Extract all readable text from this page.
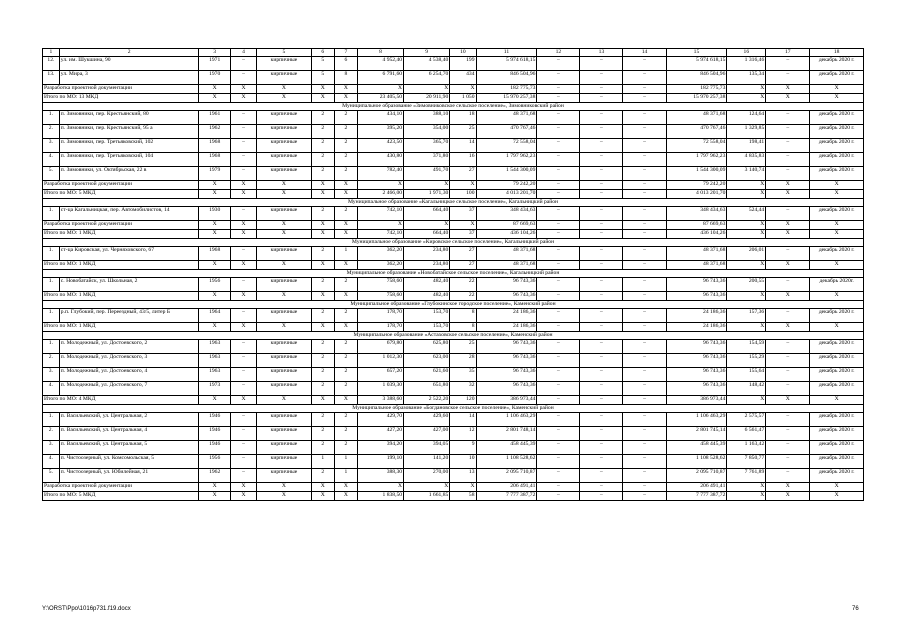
1	2	3	4	5	6	7	8	9	10	11	12	13	14	15	16	17	18
12.	ул. им. Шукшина, 90	1971	–	кирпичные	5	6	4 952,40	4 538,40	199	5 974 618,15	–	–	–	5 974 618,15	1 316,46	–	декабрь 2020 г.
13.	ул. Мира, 3	1970	–	кирпичные	5	8	6 791,60	6 254,70	434	846 504,96	–	–	–	846 504,96	135,34	–	декабрь 2020 г.
Разработка проектной документации		Х	Х	Х	Х	Х	Х	Х	Х	182 775,73	–	–	–	182 775,73	Х	Х	Х
Итого по МО: 13 МКД		Х	Х	Х	Х	Х	23 405,50	20 911,90	1 050	15 970 257,38	–	–	–	15 970 257,38	Х	Х	Х
Муниципальное образование «Зимовниковское сельское поселение», Зимовниковский район																	
1.	п. Зимовники, пер. Крестьянский, 80	1961	–	кирпичные	2	2	434,10	388,10	18	48 371,68	–	–	–	48 371,68	124,64	–	декабрь 2020 г.
2.	п. Зимовники, пер. Крестьянский, 95 а	1962	–	кирпичные	2	2	395,20	354,00	25	470 767,46	–	–	–	470 767,46	1 329,85	–	декабрь 2020 г.
3.	п. Зимовники, пер. Третьяковский, 102	1968	–	кирпичные	2	2	423,50	365,70	14	72 558,04	–	–	–	72 558,04	198,41	–	декабрь 2020 г.
4.	п. Зимовники, пер. Третьяковский, 104	1968	–	кирпичные	2	2	430,80	371,80	16	1 797 962,23	–	–	–	1 797 962,23	4 835,83	–	декабрь 2020 г.
5.	п. Зимовники, ул. Октябрьская, 22 в	1979	–	кирпичные	2	2	782,40	491,70	27	1 544 300,09	–	–	–	1 544 300,09	3 140,74	–	декабрь 2020 г.
Разработка проектной документации		Х	Х	Х	Х	Х	Х	Х	Х	79 242,20	–	–	–	79 242,20	Х	Х	Х
Итого по МО: 5 МКД		Х	Х	Х	Х	Х	2 466,00	1 971,30	100	4 013 201,70	–	–	–	4 013 201,70	Х	Х	Х
Муниципальное образование «Кагальницкое сельское поселение», Кагальницкий район																	
1.	ст-ца Кагальницкая, пер. Автомобилистов, 14	1930	–	кирпичные	2	2	742,10	664,40	37	348 434,63	–	–	–	348 434,63	524,44	–	декабрь 2020 г.
Разработка проектной документации		Х	Х	Х	Х	Х	Х	Х	Х	87 669,63	–	–	–	87 669,63	Х	Х	Х
Итого по МО: 1 МКД		Х	Х	Х	Х	Х	742,10	664,40	37	436 104,26	–	–	–	436 104,26	Х	Х	Х
Муниципальное образование «Кировское сельское поселение», Кагальницкий район																	
1.	ст-ца Кировская, ул. Черняховского, 67	1968	–	кирпичные	2	1	362,20	234,80	27	48 371,68	–	–	–	48 371,68	206,01	–	декабрь 2020 г.
Итого по МО: 1 МКД		Х	Х	Х	Х	Х	362,20	234,80	27	48 371,68	–	–	–	48 371,68	Х	Х	Х
Муниципальное образование «Новобатайское сельское поселение», Кагальницкий район																	
1.	с. Новобатайск, ул. Школьная, 2	1956	–	кирпичные	2	2	758,60	482,40	22	96 743,36	–	–	–	96 743,36	200,55	–	декабрь 2020г.
Итого по МО: 1 МКД		Х	Х	Х	Х	Х	758,60	482,40	22	96 743,36	–	–	–	96 743,36	Х	Х	Х
Муниципальное образование «Глубокинское городское поселение», Каменский район																	
1.	р.п. Глубокий, пер. Переездный, 43/5, литер Б	1964	–	кирпичные	2	2	178,70	153,70	8	24 186,36	–	–	–	24 186,36	157,36	–	декабрь 2020 г.
Итого по МО: 1 МКД		Х	Х	Х	Х	Х	178,70	153,70	8	24 186,36	–	–	–	24 186,36	Х	Х	Х
Муниципальное образование «Астаховское сельское поселение», Каменский район																	
1.	п. Молодежный, ул. Достоевского, 2	1963	–	кирпичные	2	2	679,80	625,80	25	96 743,36	–	–	–	96 743,36	154,59	–	декабрь 2020 г.
2.	п. Молодежный, ул. Достоевского, 3	1963	–	кирпичные	2	2	1 012,30	623,00	28	96 743,36	–	–	–	96 743,36	155,29	–	декабрь 2020 г.
3.	п. Молодежный, ул. Достоевского, 4	1963	–	кирпичные	2	2	657,20	621,60	35	96 743,36	–	–	–	96 743,36	155,64	–	декабрь 2020 г.
4.	п. Молодежный, ул. Достоевского, 7	1973	–	кирпичные	2	2	1 039,30	651,80	32	96 743,36	–	–	–	96 743,36	148,42	–	декабрь 2020 г.
Итого по МО: 4 МКД		Х	Х	Х	Х	Х	3 388,60	2 522,20	120	386 973,44	–	–	–	386 973,44	Х	Х	Х
Муниципальное образование «Богдановское сельское поселение», Каменский район																	
1.	п. Васильевский, ул. Центральная, 2	1946	–	кирпичные	2	2	429,70	429,60	14	1 106 463,29	–	–	–	1 106 463,29	2 575,57	–	декабрь 2020 г.
2.	п. Васильевский, ул. Центральная, 4	1946	–	кирпичные	2	2	427,20	427,00	12	2 801 748,14	–	–	–	2 801 745,14	6 561,47	–	декабрь 2020 г.
3.	п. Васильевский, ул. Центральная, 5	1946	–	кирпичные	2	2	394,20	394,05	9	458 445,39	–	–	–	458 445,39	1 163,42	–	декабрь 2020 г.
4.	п. Чистоозерный, ул. Комсомольская, 5	1956	–	кирпичные	1	1	199,10	141,20	10	1 108 528,62	–	–	–	1 108 528,62	7 850,77	–	декабрь 2020 г.
5.	п. Чистоозерный, ул. Юбилейная, 21	1962	–	кирпичные	2	1	388,30	270,00	13	2 095 710,87	–	–	–	2 095 710,87	7 761,89	–	декабрь 2020 г.
Разработка проектной документации		Х	Х	Х	Х	Х	Х	Х	Х	206 491,41	–	–	–	206 491,41	Х	Х	Х
Итого по МО: 5 МКД		Х	Х	Х	Х	Х	1 838,50	1 661,85	58	7 777 387,72	–	–	–	7 777 387,72	Х	Х	Х
Y:\ORST\Ppo\1016p731.f19.docx	76
